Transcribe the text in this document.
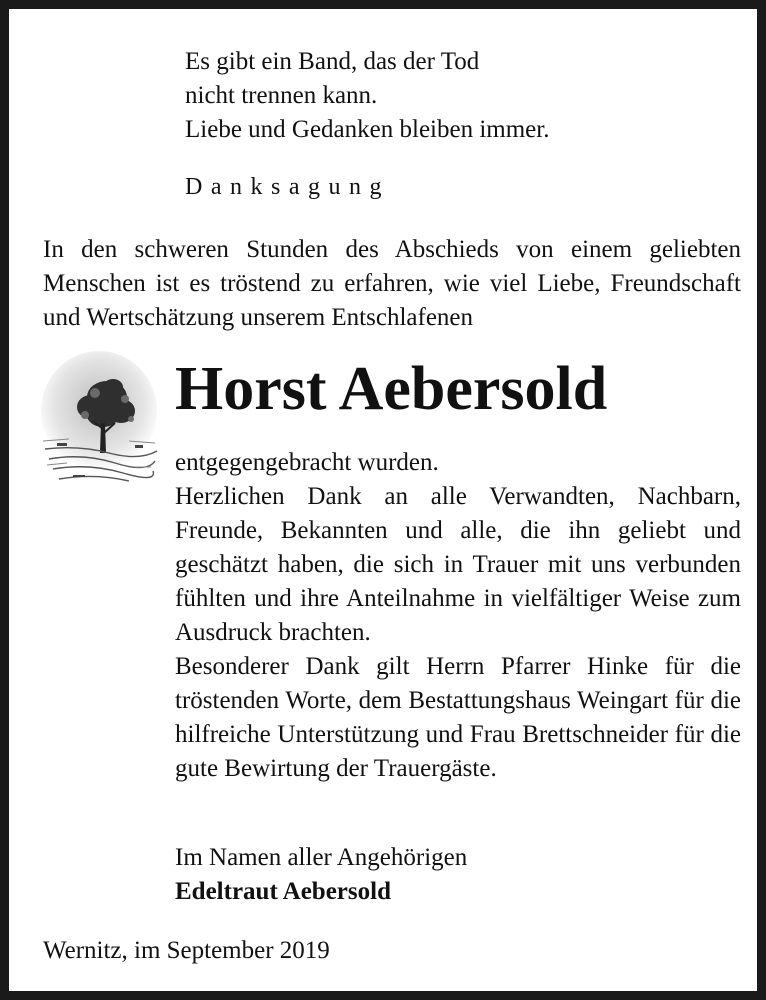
Es gibt ein Band, das der Tod
nicht trennen kann.
Liebe und Gedanken bleiben immer.
Danksagung
In den schweren Stunden des Abschieds von einem geliebten Menschen ist es tröstend zu erfahren, wie viel Liebe, Freundschaft und Wertschätzung unserem Entschlafenen
Horst Aebersold

entgegengebracht wurden.

Herzlichen Dank an alle Verwandten, Nachbarn, Freunde, Bekannten und alle, die ihn geliebt und geschätzt haben, die sich in Trauer mit uns verbunden fühlten und ihre Anteilnahme in vielfältiger Weise zum Ausdruck brachten.

Besonderer Dank gilt Herrn Pfarrer Hinke für die tröstenden Worte, dem Bestattungshaus Weingart für die hilfreiche Unterstützung und Frau Brettschneider für die gute Bewirtung der Trauergäste.

Im Namen aller Angehörigen
Edeltraut Aebersold
Wernitz, im September 2019
